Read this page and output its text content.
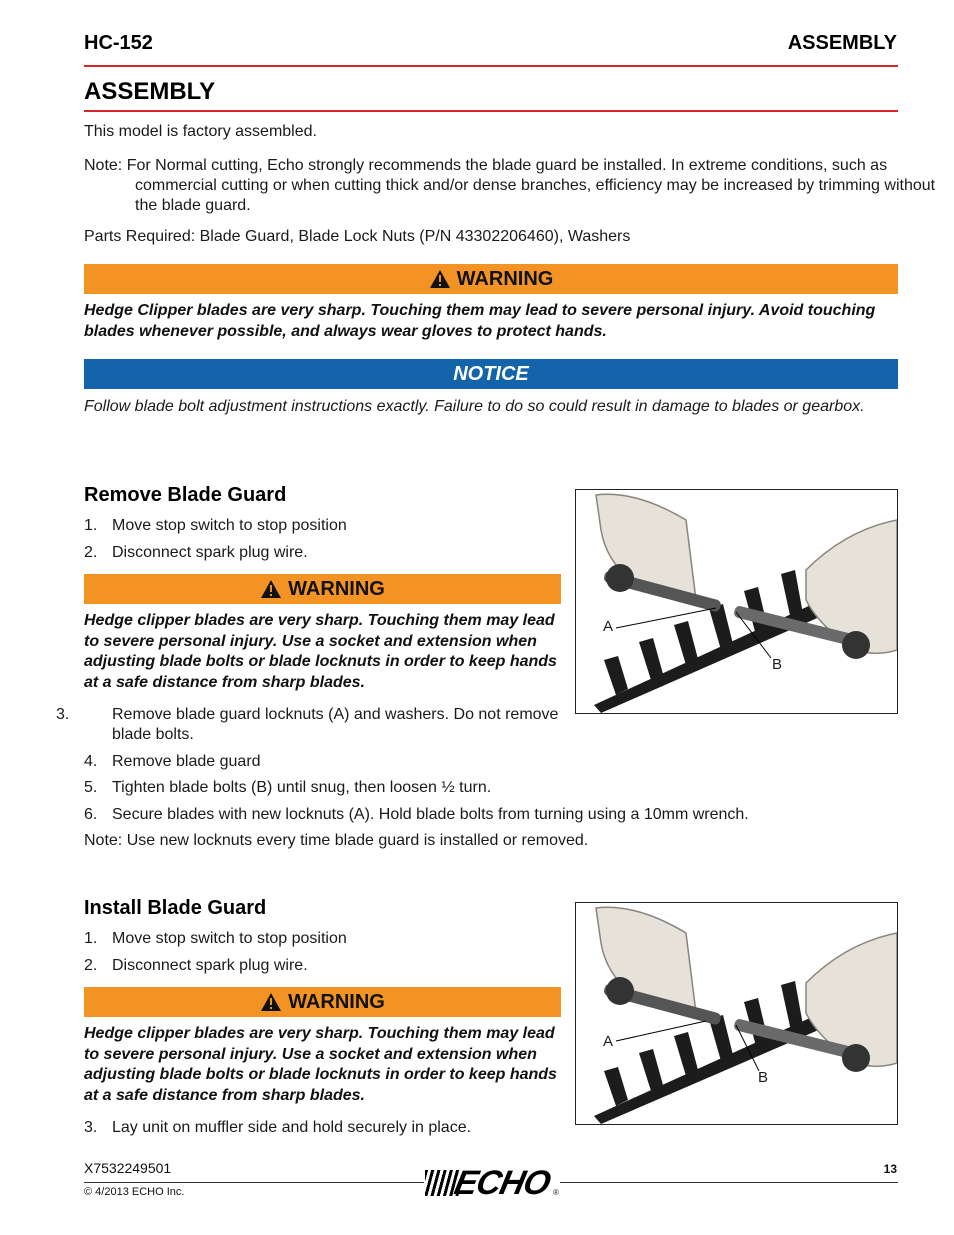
HC-152	ASSEMBLY
ASSEMBLY
This model is factory assembled.
Note: For Normal cutting, Echo strongly recommends the blade guard be installed. In extreme conditions, such as commercial cutting or when cutting thick and/or dense branches, efficiency may be increased by trimming without the blade guard.
Parts Required: Blade Guard, Blade Lock Nuts (P/N 43302206460), Washers
WARNING
Hedge Clipper blades are very sharp. Touching them may lead to severe personal injury. Avoid touching blades whenever possible, and always wear gloves to protect hands.
NOTICE
Follow blade bolt adjustment instructions exactly. Failure to do so could result in damage to blades or gearbox.
Remove Blade Guard
1. Move stop switch to stop position
2. Disconnect spark plug wire.
WARNING
Hedge clipper blades are very sharp. Touching them may lead to severe personal injury. Use a socket and extension when adjusting blade bolts or blade locknuts in order to keep hands at a safe distance from sharp blades.
3.	Remove blade guard locknuts (A) and washers. Do not remove blade bolts.
4. Remove blade guard
5. Tighten blade bolts (B) until snug, then loosen ½ turn.
6. Secure blades with new locknuts (A). Hold blade bolts from turning using a 10mm wrench.
Note: Use new locknuts every time blade guard is installed or removed.
A
B
Install Blade Guard
1. Move stop switch to stop position
2. Disconnect spark plug wire.
WARNING
Hedge clipper blades are very sharp. Touching them may lead to severe personal injury. Use a socket and extension when adjusting blade bolts or blade locknuts in order to keep hands at a safe distance from sharp blades.
3. Lay unit on muffler side and hold securely in place.
A
B
X7532249501
© 4/2013 ECHO Inc.
13
ECHO ®
